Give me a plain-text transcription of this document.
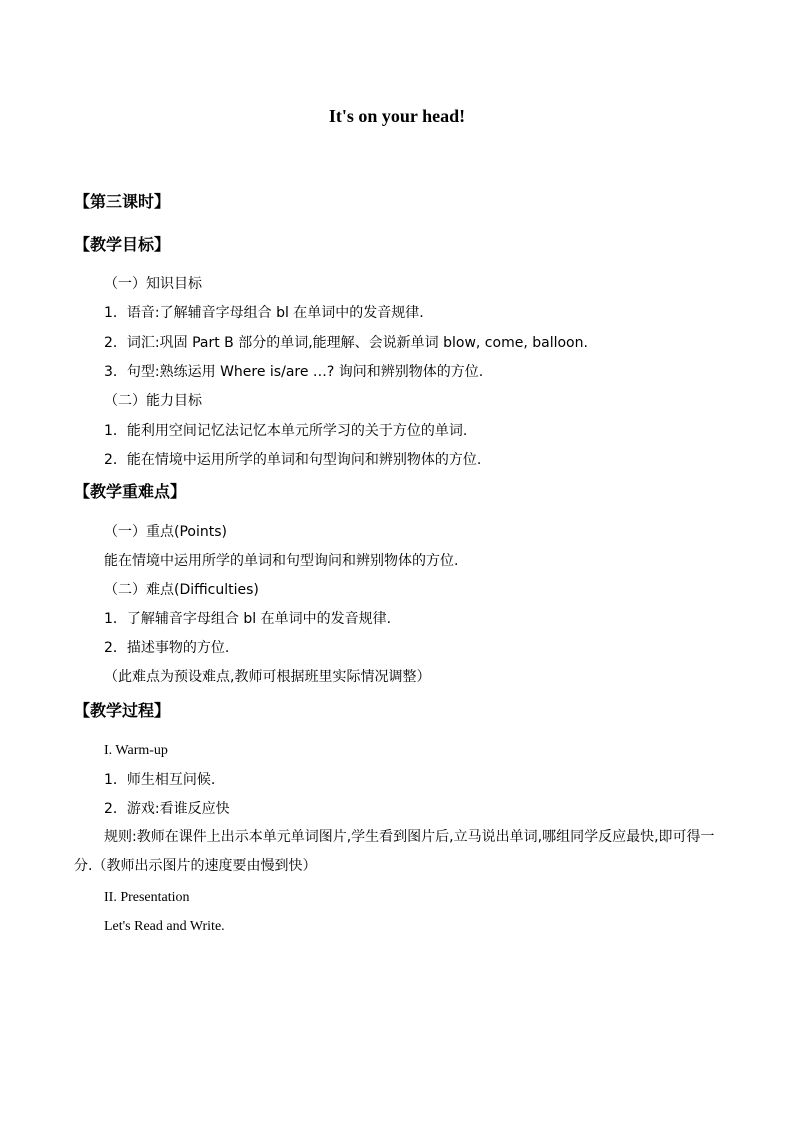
It's on your head!
【第三课时】
【教学目标】
（一）知识目标
1．语音:了解辅音字母组合 bl 在单词中的发音规律.
2．词汇:巩固 Part B 部分的单词,能理解、会说新单词 blow, come, balloon.
3．句型:熟练运用 Where is/are …? 询问和辨别物体的方位.
（二）能力目标
1．能利用空间记忆法记忆本单元所学习的关于方位的单词.
2．能在情境中运用所学的单词和句型询问和辨别物体的方位.
【教学重难点】
（一）重点(Points)
能在情境中运用所学的单词和句型询问和辨别物体的方位.
（二）难点(Difficulties)
1．了解辅音字母组合 bl 在单词中的发音规律.
2．描述事物的方位.
（此难点为预设难点,教师可根据班里实际情况调整）
【教学过程】
I. Warm-up
1．师生相互问候.
2．游戏:看谁反应快
规则:教师在课件上出示本单元单词图片,学生看到图片后,立马说出单词,哪组同学反应最快,即可得一分.（教师出示图片的速度要由慢到快）
II. Presentation
Let's Read and Write.
